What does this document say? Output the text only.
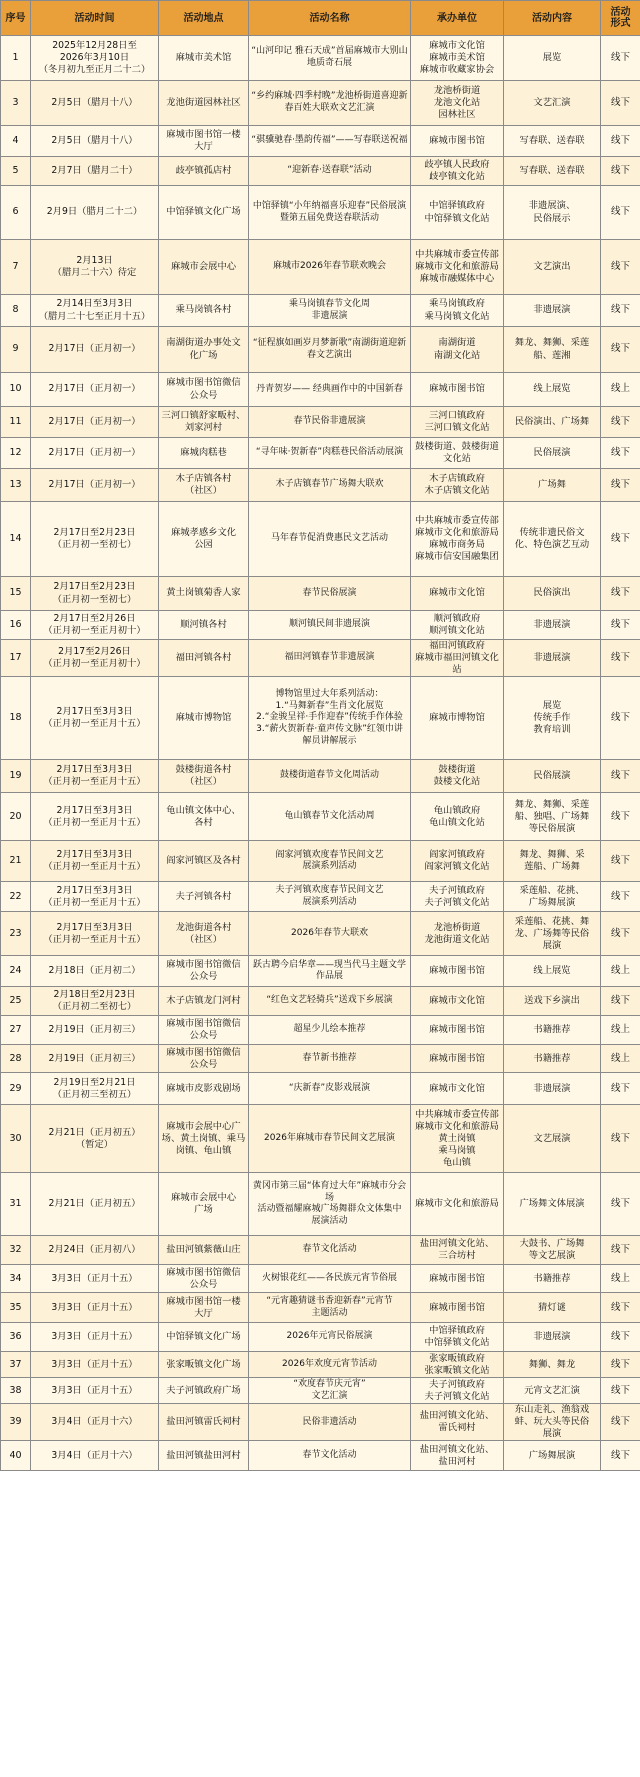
序号	活动时间	活动地点	活动名称	承办单位	活动内容	活动
形式
1	2025年12月28日至
2026年3月10日
（冬月初九至正月二十二）	麻城市美术馆	“山河印记 雅石天成”首届麻城市大别山
地质奇石展	麻城市文化馆
麻城市美术馆
麻城市收藏家协会	展览	线下
3	2月5日（腊月十八）	龙池街道园林社区	“乡约麻城·四季村晚”龙池桥街道喜迎新
春百姓大联欢文艺汇演	龙池桥街道
龙池文化站
园林社区	文艺汇演	线下
4	2月5日（腊月十八）	麻城市图书馆一楼
大厅	“骐骥驰春·墨韵传福”——写春联送祝福	麻城市图书馆	写春联、送春联	线下
5	2月7日（腊月二十）	歧亭镇孤店村	“迎新春·送春联”活动	歧亭镇人民政府
歧亭镇文化站	写春联、送春联	线下
6	2月9日（腊月二十二）	中馆驿镇文化广场	中馆驿镇“小年纳福喜乐迎春”民俗展演
暨第五届免费送春联活动	中馆驿镇政府
中馆驿镇文化站	非遗展演、
民俗展示	线下
7	2月13日
（腊月二十六）待定	麻城市会展中心	麻城市2026年春节联欢晚会	中共麻城市委宣传部
麻城市文化和旅游局
麻城市融媒体中心	文艺演出	线下
8	2月14日至3月3日
（腊月二十七至正月十五）	乘马岗镇各村	乘马岗镇春节文化周
非遗展演	乘马岗镇政府
乘马岗镇文化站	非遗展演	线下
9	2月17日（正月初一）	南湖街道办事处文
化广场	“征程旗如画岁月梦新歌”南湖街道迎新
春文艺演出	南湖街道
南湖文化站	舞龙、舞狮、采莲
船、莲湘	线下
10	2月17日（正月初一）	麻城市图书馆微信
公众号	丹青贺岁—— 经典画作中的中国新春	麻城市图书馆	线上展览	线上
11	2月17日（正月初一）	三河口镇舒家畈村、
刘家河村	春节民俗非遗展演	三河口镇政府
三河口镇文化站	民俗演出、广场舞	线下
12	2月17日（正月初一）	麻城肉糕巷	“寻年味·贺新春”肉糕巷民俗活动展演	鼓楼街道、鼓楼街道
文化站	民俗展演	线下
13	2月17日（正月初一）	木子店镇各村
（社区）	木子店镇春节广场舞大联欢	木子店镇政府
木子店镇文化站	广场舞	线下
14	2月17日至2月23日
（正月初一至初七）	麻城孝感乡文化
公园	马年春节促消费惠民文艺活动	中共麻城市委宣传部
麻城市文化和旅游局
麻城市商务局
麻城市信安国融集团	传统非遗民俗文
化、特色演艺互动	线下
15	2月17日至2月23日
（正月初一至初七）	黄土岗镇菊香人家	春节民俗展演	麻城市文化馆	民俗演出	线下
16	2月17日至2月26日
（正月初一至正月初十）	顺河镇各村	顺河镇民间非遗展演	顺河镇政府
顺河镇文化站	非遗展演	线下
17	2月17至2月26日
（正月初一至正月初十）	福田河镇各村	福田河镇春节非遗展演	福田河镇政府
麻城市福田河镇文化站	非遗展演	线下
18	2月17日至3月3日
（正月初一至正月十五）	麻城市博物馆	博物馆里过大年系列活动：
1.“马舞新春”生肖文化展览
2.“金骏呈祥·手作迎春”传统手作体验
3.“薪火贺新春·童声传文脉”红领巾讲
解员讲解展示	麻城市博物馆	展览
传统手作
教育培训	线下
19	2月17日至3月3日
（正月初一至正月十五）	鼓楼街道各村
（社区）	鼓楼街道春节文化周活动	鼓楼街道
鼓楼文化站	民俗展演	线下
20	2月17日至3月3日
（正月初一至正月十五）	龟山镇文体中心、
各村	龟山镇春节文化活动周	龟山镇政府
龟山镇文化站	舞龙、舞狮、采莲
船、独唱、广场舞
等民俗展演	线下
21	2月17日至3月3日
（正月初一至正月十五）	阎家河镇区及各村	阎家河镇欢度春节民间文艺
展演系列活动	阎家河镇政府
阎家河镇文化站	舞龙、舞狮、采
莲船、广场舞	线下
22	2月17日至3月3日
（正月初一至正月十五）	夫子河镇各村	夫子河镇欢度春节民间文艺
展演系列活动	夫子河镇政府
夫子河镇文化站	采莲船、花挑、
广场舞展演	线下
23	2月17日至3月3日
（正月初一至正月十五）	龙池街道各村
（社区）	2026年春节大联欢	龙池桥街道
龙池街道文化站	采莲船、花挑、舞
龙、广场舞等民俗
展演	线下
24	2月18日（正月初二）	麻城市图书馆微信
公众号	跃古聘今启华章——现当代马主题文学
作品展	麻城市图书馆	线上展览	线上
25	2月18日至2月23日
（正月初二至初七）	木子店镇龙门河村	“红色文艺轻骑兵”送戏下乡展演	麻城市文化馆	送戏下乡演出	线下
27	2月19日（正月初三）	麻城市图书馆微信
公众号	超星少儿绘本推荐	麻城市图书馆	书籍推荐	线上
28	2月19日（正月初三）	麻城市图书馆微信
公众号	春节新书推荐	麻城市图书馆	书籍推荐	线上
29	2月19日至2月21日
（正月初三至初五）	麻城市皮影戏剧场	“庆新春”皮影戏展演	麻城市文化馆	非遗展演	线下
30	2月21日（正月初五）
（暂定）	麻城市会展中心广
场、黄土岗镇、乘马
岗镇、龟山镇	2026年麻城市春节民间文艺展演	中共麻城市委宣传部
麻城市文化和旅游局
黄土岗镇
乘马岗镇
龟山镇	文艺展演	线下
31	2月21日（正月初五）	麻城市会展中心
广场	黄冈市第三届“体育过大年”麻城市分会场
活动暨福耀麻城广场舞群众文体集中
展演活动	麻城市文化和旅游局	广场舞文体展演	线下
32	2月24日（正月初八）	盐田河镇紫薇山庄	春节文化活动	盐田河镇文化站、
三合坊村	大鼓书、广场舞
等文艺展演	线下
34	3月3日（正月十五）	麻城市图书馆微信
公众号	火树银花红——各民族元宵节俗展	麻城市图书馆	书籍推荐	线上
35	3月3日（正月十五）	麻城市图书馆一楼
大厅	“元宵趣猜谜书香迎新春”元宵节
主题活动	麻城市图书馆	猜灯谜	线下
36	3月3日（正月十五）	中馆驿镇文化广场	2026年元宵民俗展演	中馆驿镇政府
中馆驿镇文化站	非遗展演	线下
37	3月3日（正月十五）	张家畈镇文化广场	2026年欢度元宵节活动	张家畈镇政府
张家畈镇文化站	舞狮、舞龙	线下
38	3月3日（正月十五）	夫子河镇政府广场	“欢度春节庆元宵”
文艺汇演	夫子河镇政府
夫子河镇文化站	元宵文艺汇演	线下
39	3月4日（正月十六）	盐田河镇雷氏祠村	民俗非遗活动	盐田河镇文化站、
雷氏祠村	东山走礼、渔翁戏
蚌、玩大头等民俗
展演	线下
40	3月4日（正月十六）	盐田河镇盐田河村	春节文化活动	盐田河镇文化站、
盐田河村	广场舞展演	线下
